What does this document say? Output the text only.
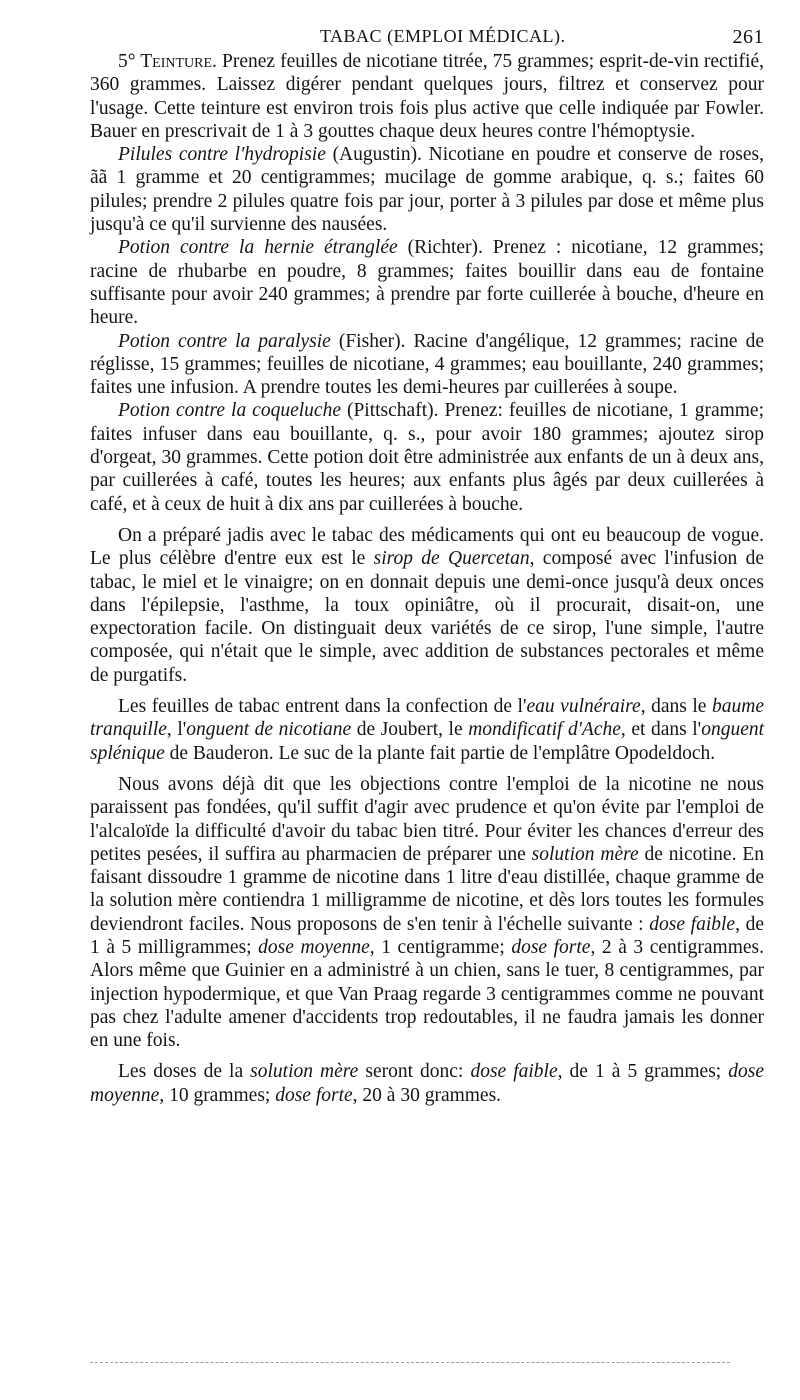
TABAC (EMPLOI MÉDICAL).	261

5° Teinture. Prenez feuilles de nicotiane titrée, 75 grammes; esprit-de-vin rectifié, 360 grammes. Laissez digérer pendant quelques jours, filtrez et conservez pour l'usage. Cette teinture est environ trois fois plus active que celle indiquée par Fowler. Bauer en prescrivait de 1 à 3 gouttes chaque deux heures contre l'hémoptysie.

Pilules contre l'hydropisie (Augustin). Nicotiane en poudre et conserve de roses, ãã 1 gramme et 20 centigrammes; mucilage de gomme arabique, q. s.; faites 60 pilules; prendre 2 pilules quatre fois par jour, porter à 3 pilules par dose et même plus jusqu'à ce qu'il survienne des nausées.

Potion contre la hernie étranglée (Richter). Prenez : nicotiane, 12 grammes; racine de rhubarbe en poudre, 8 grammes; faites bouillir dans eau de fontaine suffisante pour avoir 240 grammes; à prendre par forte cuillerée à bouche, d'heure en heure.

Potion contre la paralysie (Fisher). Racine d'angélique, 12 grammes; racine de réglisse, 15 grammes; feuilles de nicotiane, 4 grammes; eau bouillante, 240 grammes; faites une infusion. A prendre toutes les demi-heures par cuillerées à soupe.

Potion contre la coqueluche (Pittschaft). Prenez: feuilles de nicotiane, 1 gramme; faites infuser dans eau bouillante, q. s., pour avoir 180 grammes; ajoutez sirop d'orgeat, 30 grammes. Cette potion doit être administrée aux enfants de un à deux ans, par cuillerées à café, toutes les heures; aux enfants plus âgés par deux cuillerées à café, et à ceux de huit à dix ans par cuillerées à bouche.

On a préparé jadis avec le tabac des médicaments qui ont eu beaucoup de vogue. Le plus célèbre d'entre eux est le sirop de Quercetan, composé avec l'infusion de tabac, le miel et le vinaigre; on en donnait depuis une demi-once jusqu'à deux onces dans l'épilepsie, l'asthme, la toux opiniâtre, où il procurait, disait-on, une expectoration facile. On distinguait deux variétés de ce sirop, l'une simple, l'autre composée, qui n'était que le simple, avec addition de substances pectorales et même de purgatifs.

Les feuilles de tabac entrent dans la confection de l'eau vulnéraire, dans le baume tranquille, l'onguent de nicotiane de Joubert, le mondificatif d'Ache, et dans l'onguent splénique de Bauderon. Le suc de la plante fait partie de l'emplâtre Opodeldoch.

Nous avons déjà dit que les objections contre l'emploi de la nicotine ne nous paraissent pas fondées, qu'il suffit d'agir avec prudence et qu'on évite par l'emploi de l'alcaloïde la difficulté d'avoir du tabac bien titré. Pour éviter les chances d'erreur des petites pesées, il suffira au pharmacien de préparer une solution mère de nicotine. En faisant dissoudre 1 gramme de nicotine dans 1 litre d'eau distillée, chaque gramme de la solution mère contiendra 1 milligramme de nicotine, et dès lors toutes les formules deviendront faciles. Nous proposons de s'en tenir à l'échelle suivante : dose faible, de 1 à 5 milligrammes; dose moyenne, 1 centigramme; dose forte, 2 à 3 centigrammes. Alors même que Guinier en a administré à un chien, sans le tuer, 8 centigrammes, par injection hypodermique, et que Van Praag regarde 3 centigrammes comme ne pouvant pas chez l'adulte amener d'accidents trop redoutables, il ne faudra jamais les donner en une fois.

Les doses de la solution mère seront donc: dose faible, de 1 à 5 grammes; dose moyenne, 10 grammes; dose forte, 20 à 30 grammes.
